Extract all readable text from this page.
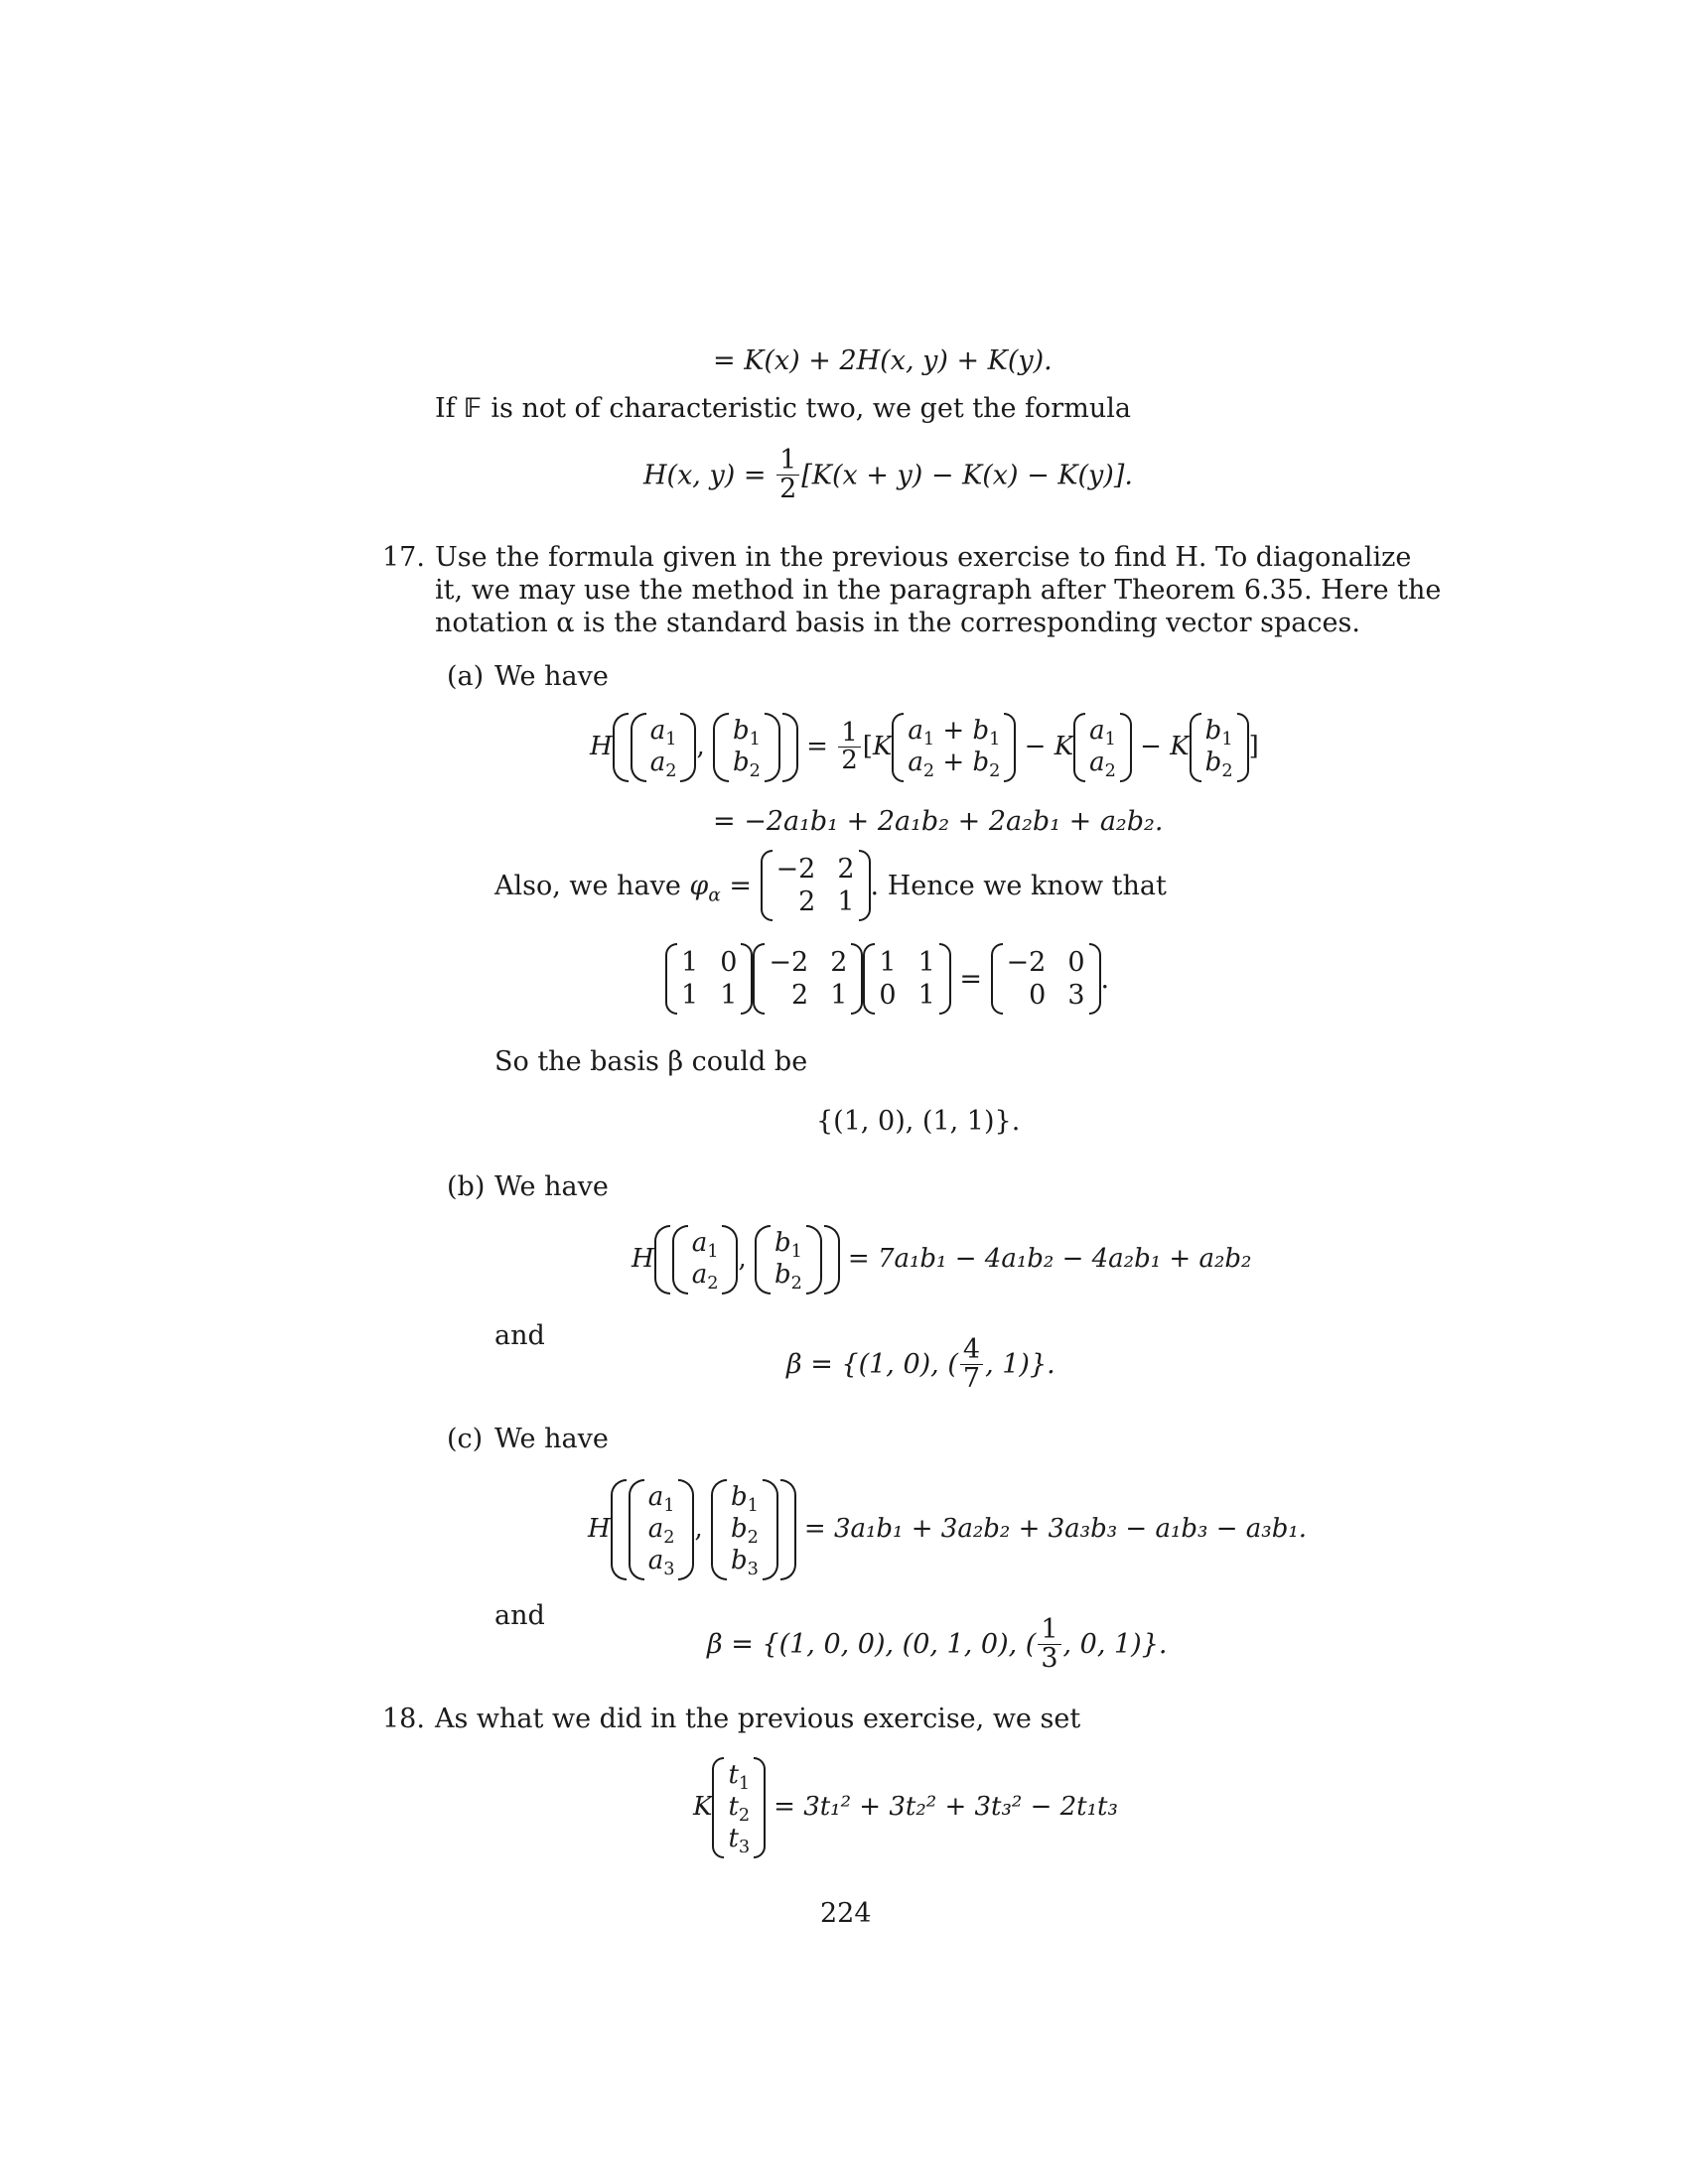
= K(x) + 2H(x, y) + K(y).
If 𝔽 is not of characteristic two, we get the formula
H(x, $y) = \frac{1}{2} [K(x + y) - K(x) - K(y)]$.
17. Use the formula given in the previous exercise to find H. To diagonalize
it, we may use the method in the paragraph after Theorem 6.35. Here the
notation α is the standard basis in the corresponding vector spaces.
(a) We have
H
$a_1$
$a_2$
,
$b_1$
$b_2$
= $\frac{1}{2}$ [ K
$a_1 + b_1$
$a_2 + b_2$
− K
$a_1$
$a_2$
− K
$b_1$
$b_2$
]
= −2a₁b₁ + 2a₁b₂ + 2a₂b₁ + a₂b₂.
Also, we have $\varphi_\alpha$ =
−2 2
2 1
. Hence we know that
1 0
1 1
−2 2
2 1
1 1
0 1
=
−2 0
0 3
.
So the basis β could be
{(1, 0), (1, 1)}.
(b) We have
H
$a_1$
$a_2$
,
$b_1$
$b_2$
= 7a₁b₁ − 4a₁b₂ − 4a₂b₁ + a₂b₂
and
β = {(1, 0), ( $\frac{4}{7}$ , 1)}.
(c) We have
H
$a_1$
$a_2$
$a_3$
,
$b_1$
$b_2$
$b_3$
= 3a₁b₁ + 3a₂b₂ + 3a₃b₃ − a₁b₃ − a₃b₁.
and
β = {(1, 0, 0), (0, 1, 0), ( $\frac{1}{3}$ , 0, 1)}.
18. As what we did in the previous exercise, we set
K
$t_1$
$t_2$
$t_3$
= 3t₁² + 3t₂² + 3t₃² − 2t₁t₃
224
